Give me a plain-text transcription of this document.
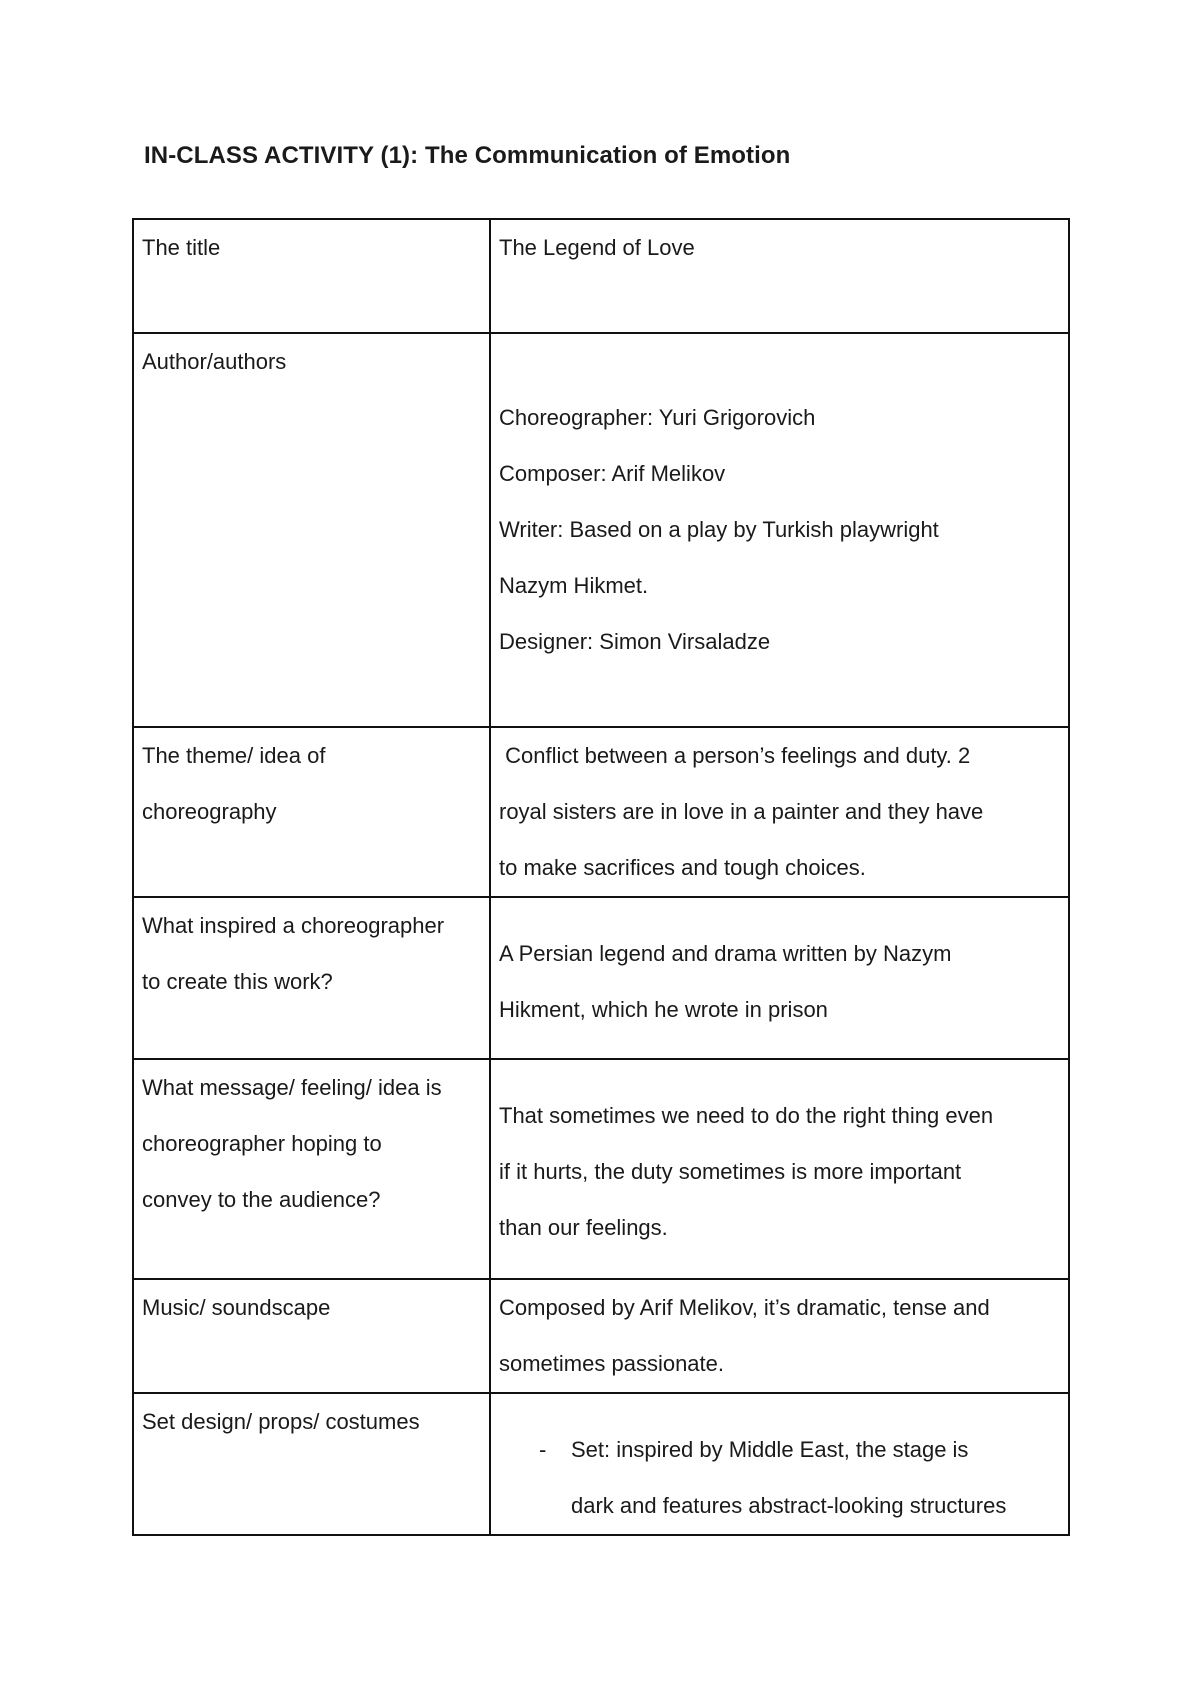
IN-CLASS ACTIVITY (1): The Communication of Emotion
The title	The Legend of Love

Author/authors	Choreographer: Yuri Grigorovich
Composer: Arif Melikov
Writer: Based on a play by Turkish playwright
Nazym Hikmet.
Designer: Simon Virsaladze

The theme/ idea of
choreography	Conflict between a person’s feelings and duty. 2
royal sisters are in love in a painter and they have
to make sacrifices and tough choices.

What inspired a choreographer
to create this work?	A Persian legend and drama written by Nazym
Hikment, which he wrote in prison

What message/ feeling/ idea is
choreographer hoping to
convey to the audience?	That sometimes we need to do the right thing even
if it hurts, the duty sometimes is more important
than our feelings.

Music/ soundscape	Composed by Arif Melikov, it’s dramatic, tense and
sometimes passionate.

Set design/ props/ costumes	- Set: inspired by Middle East, the stage is
dark and features abstract-looking structures
